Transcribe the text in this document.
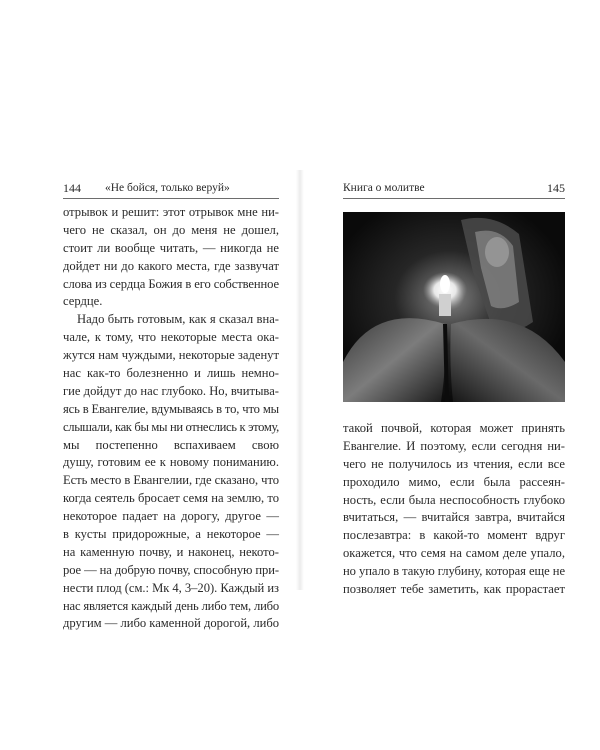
144 «Не бойся, только веруй»
отрывок и решит: этот отрывок мне ни-
чего не сказал, он до меня не дошел,
стоит ли вообще читать, — никогда не
дойдет ни до какого места, где зазвучат
слова из сердца Божия в его собственное
сердце.
Надо быть готовым, как я сказал вна-
чале, к тому, что некоторые места ока-
жутся нам чуждыми, некоторые заденут
нас как-то болезненно и лишь немно-
гие дойдут до нас глубоко. Но, вчитыва-
ясь в Евангелие, вдумываясь в то, что мы
слышали, как бы мы ни отнеслись к этому,
мы постепенно вспахиваем свою
душу, готовим ее к новому пониманию.
Есть место в Евангелии, где сказано, что
когда сеятель бросает семя на землю, то
некоторое падает на дорогу, другое —
в кусты придорожные, а некоторое —
на каменную почву, и наконец, некото-
рое — на добрую почву, способную при-
нести плод (см.: Мк 4, 3–20). Каждый из
нас является каждый день либо тем, либо
другим — либо каменной дорогой, либо
Книга о молитве	145
такой почвой, которая может принять
Евангелие. И поэтому, если сегодня ни-
чего не получилось из чтения, если все
проходило мимо, если была рассеян-
ность, если была неспособность глубоко
вчитаться, — вчитайся завтра, вчитайся
послезавтра: в какой-то момент вдруг
окажется, что семя на самом деле упало,
но упало в такую глубину, которая еще не
позволяет тебе заметить, как прорастает
